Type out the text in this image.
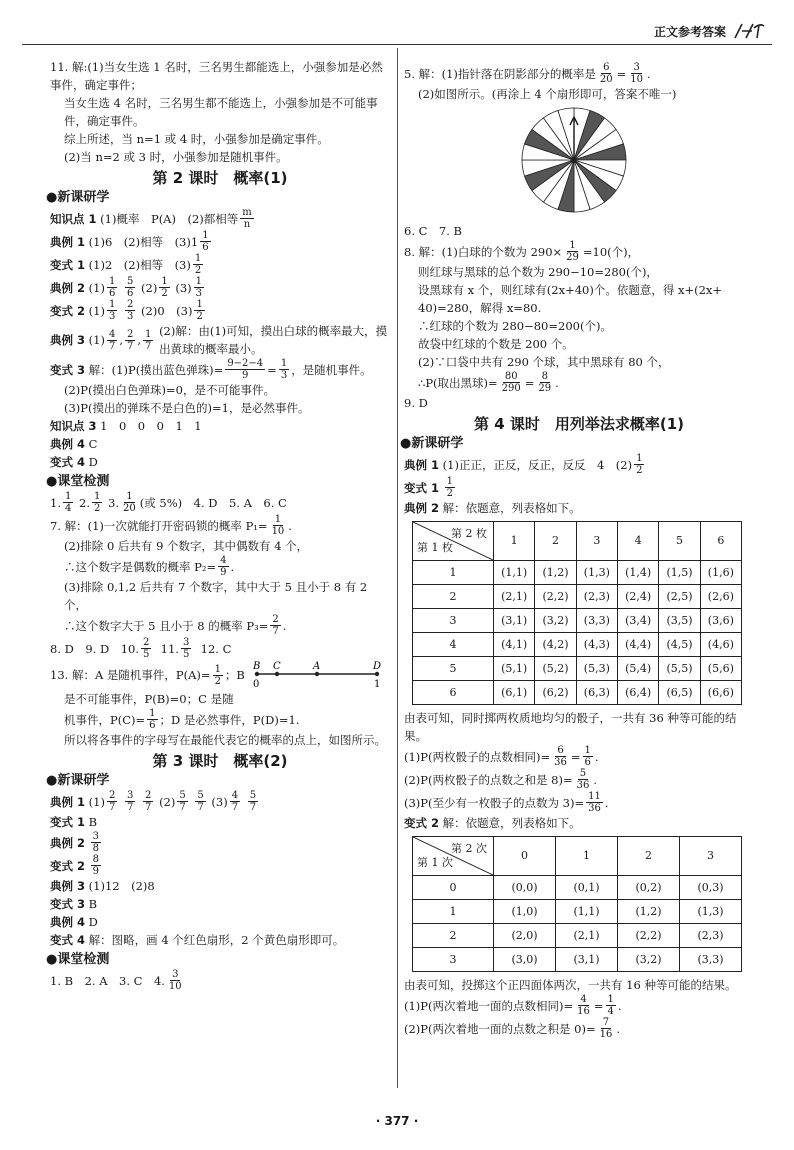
正文参考答案

11. 解:(1)当女生选 1 名时，三名男生都能选上，小强参加是必然事件，确定事件；

当女生选 4 名时，三名男生都不能选上，小强参加是不可能事件，确定事件。

综上所述，当 n=1 或 4 时，小强参加是确定事件。

(2)当 n=2 或 3 时，小强参加是随机事件。

第 2 课时　概率(1)
●新课研学
知识点 1
(1)概率　P(A)　(2)都相等 $\frac{m}{n}$
典例 1
(1)6　(2)相等　$(3)1 \frac{1}{6}$
变式 1
(1)2　(2)相等　$(3) \frac{1}{2}$
典例 2
$(1) \frac{1}{6}$
$\frac{5}{6} (2) \frac{1}{2} (3) \frac{1}{3}$
变式 2
$(1) \frac{1}{3}$
$\frac{2}{3} (2)0$　$(3) \frac{1}{2}$
典例 3
$(1) \frac{4}{7}$ , $\frac{2}{7}$ , $\frac{1}{7}$
(2)解：由(1)可知，摸出白球的概率最大，摸出黄球的概率最小。
变式 3
解：(1)P(摸出蓝色弹珠)= $\frac{9-2-4}{9} = \frac{1}{3}$ ，是随机事件。

(2)P(摸出白色弹珠)=0，是不可能事件。

(3)P(摸出的弹珠不是白色的)=1，是必然事件。

知识点 3 1　0　0　0　1　1

典例 4 C

变式 4 D

●课堂检测
1. $\frac{1}{4}$
2. $\frac{1}{2}$
3. $\frac{1}{20}$ (或 5%)　4. D　5. A　6. C
7. 解：(1)一次就能打开密码锁的概率 $P_1= \frac{1}{10}$ .

(2)排除 0 后共有 9 个数字，其中偶数有 4 个，

∴这个数字是偶数的概率 $P_2= \frac{4}{9}$ .

(3)排除 0,1,2 后共有 7 个数字，其中大于 5 且小于 8 有 2 个，

∴这个数字大于 5 且小于 8 的概率 $P_3= \frac{2}{7}$ .
8. D　9. D　10. $\frac{2}{5}$
11. $\frac{3}{5}$
12. C
13. 解：A 是随机事件，$P(A)= \frac{1}{2}$ ；B
B C	A	D
0	1

是不可能事件，P(B)=0；C 是随

机事件，$P(C)= \frac{1}{6}$ ；D 是必然事件，P(D)=1.

所以将各事件的字母写在最能代表它的概率的点上，如图所示。

第 3 课时　概率(2)
●新课研学
典例 1
$(1) \frac{2}{7}$
$\frac{3}{7}$
$\frac{2}{7}$
$(2) \frac{5}{7}$
$\frac{5}{7}$
$(3) \frac{4}{7}$
$\frac{5}{7}$

变式 1 B

典例 2
$\frac{3}{8}$
变式 2
$\frac{8}{9}$

典例 3 (1)12　(2)8

变式 3 B

典例 4 D

变式 4 解：图略，画 4 个红色扇形，2 个黄色扇形即可。

●课堂检测
1. B　2. A　3. C　4. $\frac{3}{10}$
5. 解：(1)指针落在阴影部分的概率是 $\frac{6}{20} = \frac{3}{10}$ .

(2)如图所示。(再涂上 4 个扇形即可，答案不唯一)

6. C　7. B

8. 解：(1)白球的个数为 $290\times \frac{1}{29} =10$(个)，

则红球与黑球的总个数为 290−10=280(个)，

设黑球有 x 个，则红球有(2x+40)个。依题意，得 x+(2x+

40)=280，解得 x=80.

∴红球的个数为 280−80=200(个)。

故袋中红球的个数是 200 个。

(2)∵口袋中共有 290 个球，其中黑球有 80 个，

∴P(取出黑球)= $\frac{80}{290} = \frac{8}{29}$ .

9. D

第 4 课时　用列举法求概率(1)
●新课研学
典例 1
(1)正正，正反，反正，反反　4　$(2) \frac{1}{2}$
变式 1
$\frac{1}{2}$

典例 2 解：依题意，列表格如下。

第 2 枚
第 1 枚	1	2	3	4	5	6
1	(1,1)	(1,2)	(1,3)	(1,4)	(1,5)	(1,6)
2	(2,1)	(2,2)	(2,3)	(2,4)	(2,5)	(2,6)
3	(3,1)	(3,2)	(3,3)	(3,4)	(3,5)	(3,6)
4	(4,1)	(4,2)	(4,3)	(4,4)	(4,5)	(4,6)
5	(5,1)	(5,2)	(5,3)	(5,4)	(5,5)	(5,6)
6	(6,1)	(6,2)	(6,3)	(6,4)	(6,5)	(6,6)

由表可知，同时掷两枚质地均匀的骰子，一共有 36 种等可能的结果。

(1)P(两枚骰子的点数相同)= $\frac{6}{36} = \frac{1}{6}$ .
(2)P(两枚骰子的点数之和是 $8)= \frac{5}{36}$ .
(3)P(至少有一枚骰子的点数为 $3)= \frac{11}{36}$ .

变式 2 解：依题意，列表格如下。

第 2 次
第 1 次	0	1	2	3
0	(0,0)	(0,1)	(0,2)	(0,3)
1	(1,0)	(1,1)	(1,2)	(1,3)
2	(2,0)	(2,1)	(2,2)	(2,3)
3	(3,0)	(3,1)	(3,2)	(3,3)

由表可知，投掷这个正四面体两次，一共有 16 种等可能的结果。

(1)P(两次着地一面的点数相同)= $\frac{4}{16} = \frac{1}{4}$ .
(2)P(两次着地一面的点数之积是 $0)= \frac{7}{16}$ .
· 377 ·
